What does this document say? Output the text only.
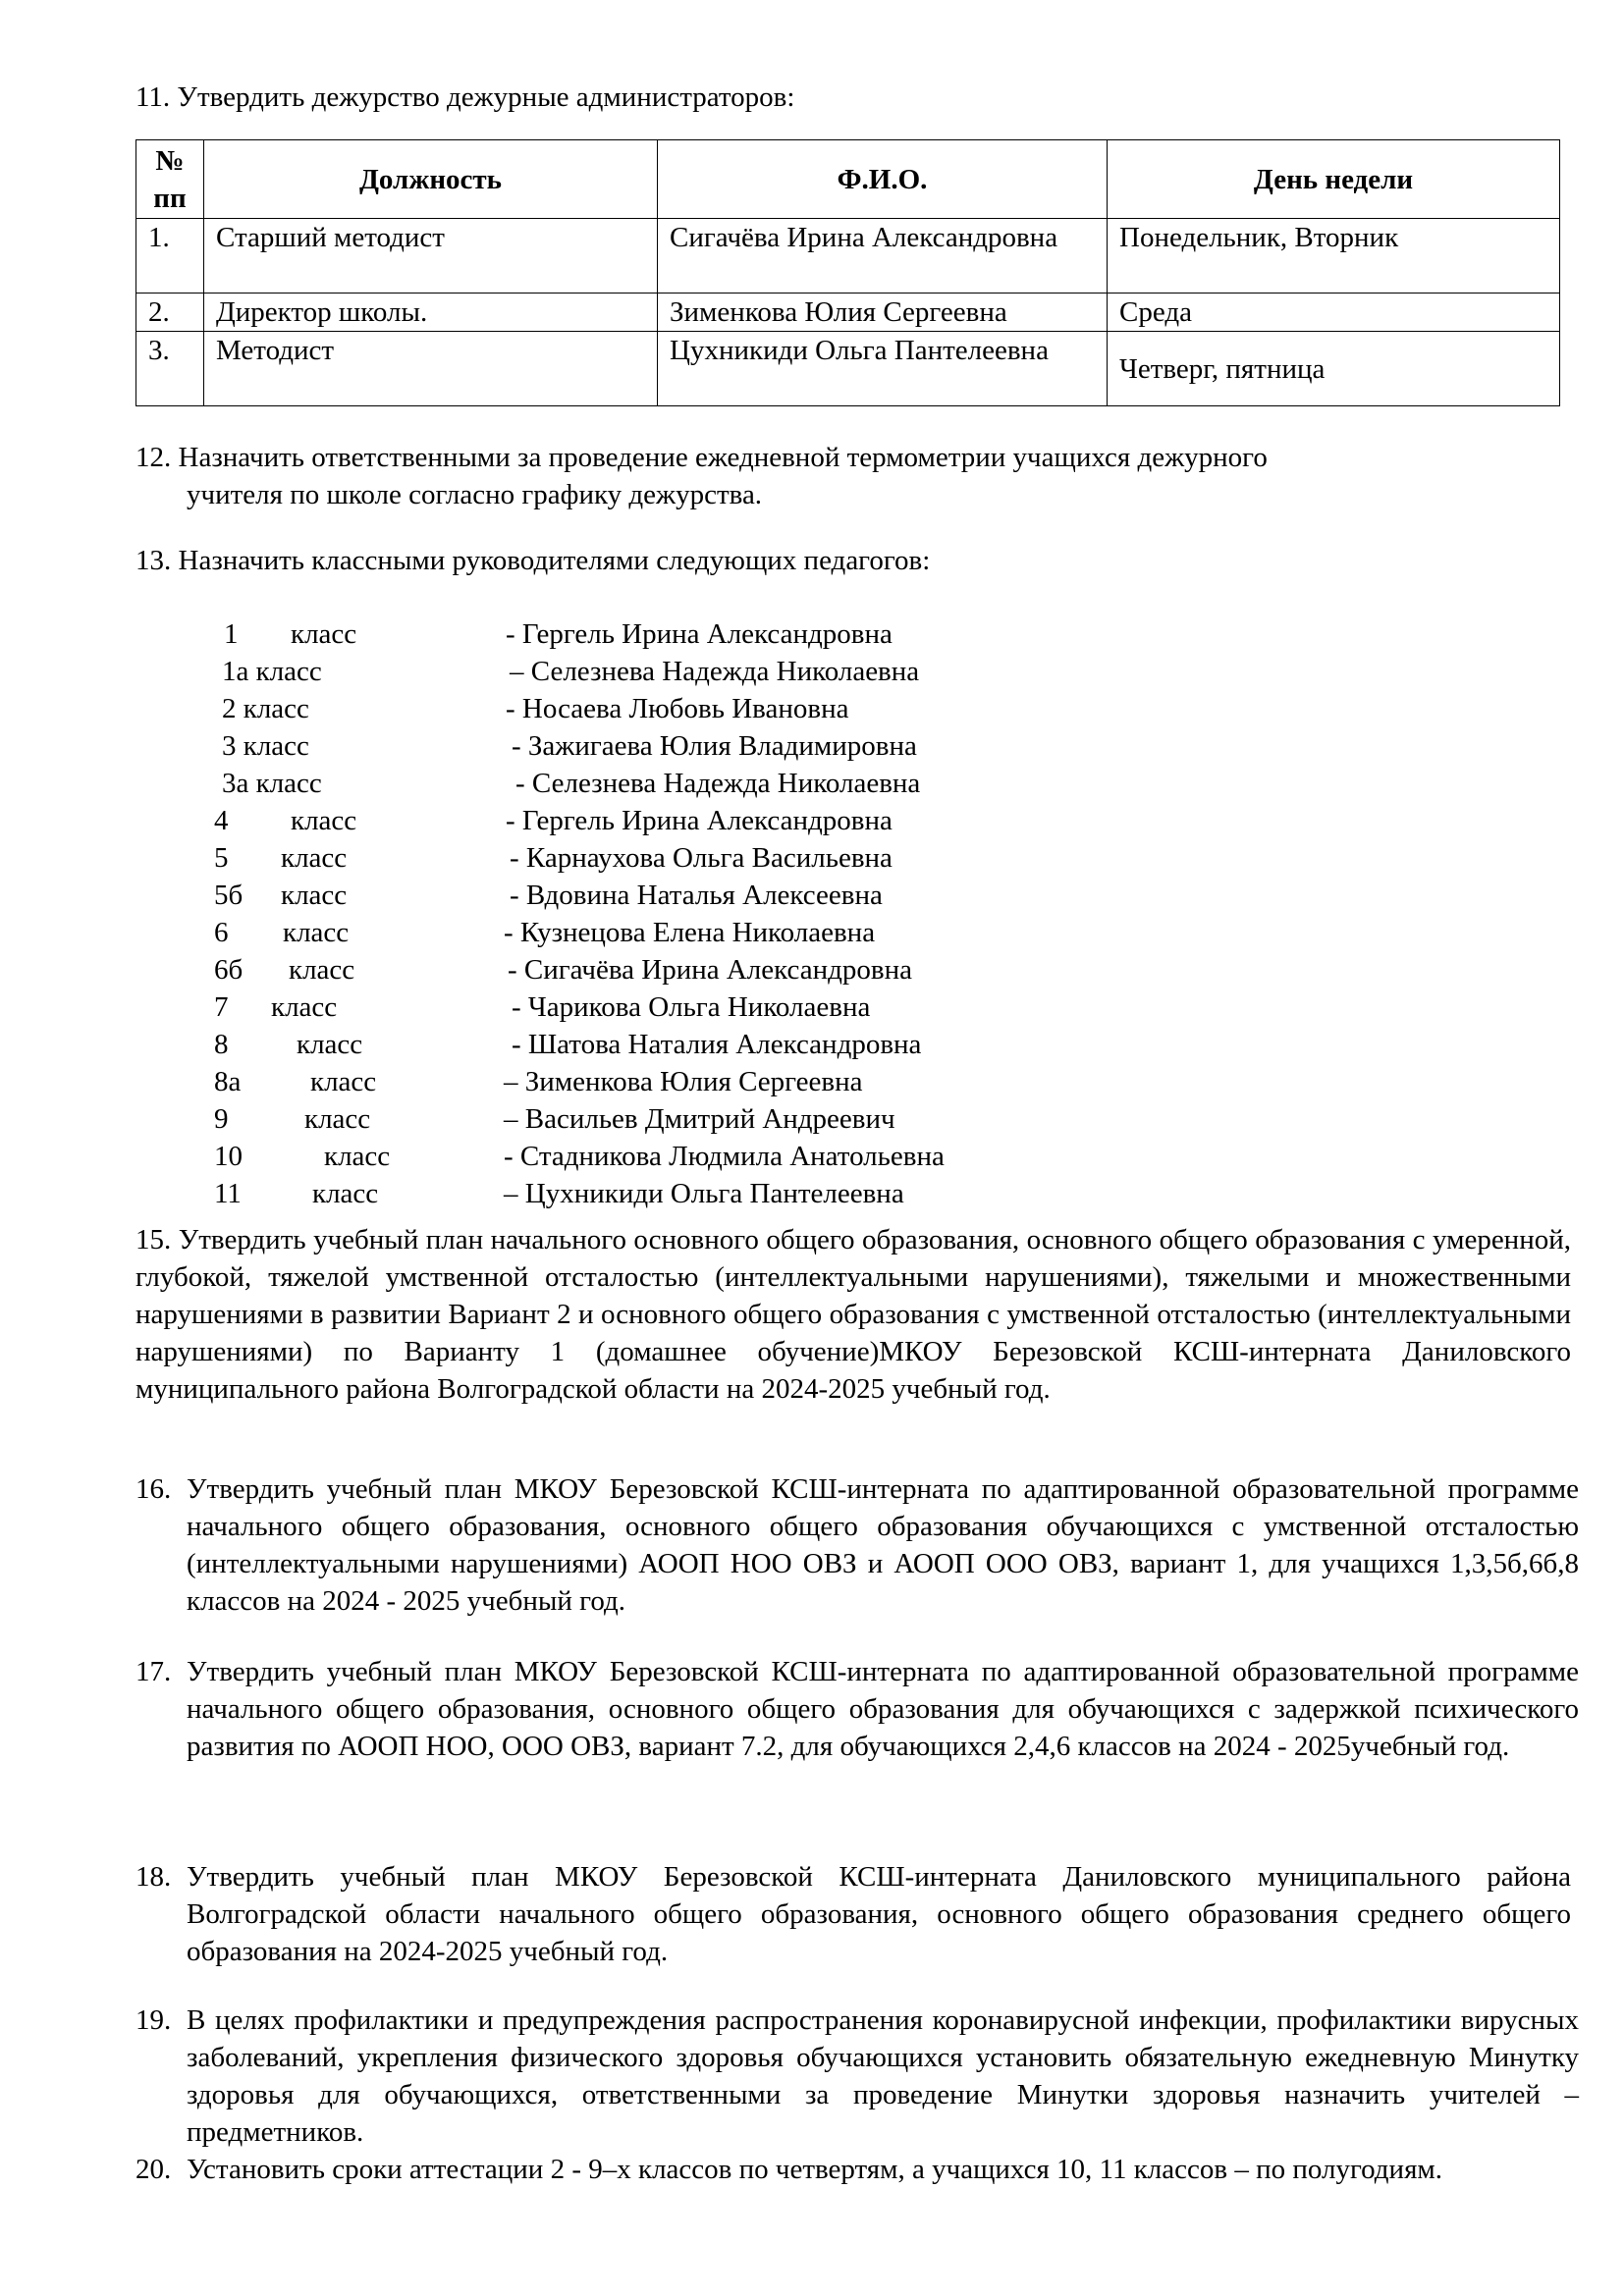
11. Утвердить дежурство дежурные администраторов:
№ пп	Должность	Ф.И.О.	День недели
1.	Старший методист	Сигачёва Ирина Александровна	Понедельник, Вторник
2.	Директор школы.	Зименкова Юлия Сергеевна	Среда
3.	Методист	Цухникиди Ольга Пантелеевна	Четверг, пятница
12. Назначить ответственными за проведение ежедневной термометрии учащихся дежурного
учителя по школе согласно графику дежурства.
13. Назначить классными руководителями следующих педагогов:
1 класс	- Гергель Ирина Александровна
1а класс	– Селезнева Надежда Николаевна
2 класс	- Носаева Любовь Ивановна
3 класс	- Зажигаева Юлия Владимировна
3а класс	- Селезнева Надежда Николаевна
4 класс	- Гергель Ирина Александровна
5 класс	- Карнаухова Ольга Васильевна
5б класс	- Вдовина Наталья Алексеевна
6 класс	- Кузнецова Елена Николаевна
6б класс	- Сигачёва Ирина Александровна
7 класс	- Чарикова Ольга Николаевна
8 класс	- Шатова Наталия Александровна
8а класс	– Зименкова Юлия Сергеевна
9	класс	– Васильев Дмитрий Андреевич
10	класс	- Стадникова Людмила Анатольевна
11 класс	– Цухникиди Ольга Пантелеевна
15. Утвердить учебный план начального основного общего образования, основного общего образования с умеренной, глубокой, тяжелой умственной отсталостью (интеллектуальными нарушениями), тяжелыми и множественными нарушениями в развитии Вариант 2 и основного общего образования с умственной отсталостью (интеллектуальными нарушениями) по Варианту 1 (домашнее обучение)МКОУ Березовской КСШ-интерната Даниловского муниципального района Волгоградской области на 2024-2025 учебный год.
16. Утвердить учебный план МКОУ Березовской КСШ-интерната по адаптированной образовательной программе начального общего образования, основного общего образования обучающихся с умственной отсталостью (интеллектуальными нарушениями) АООП НОО ОВЗ и АООП ООО ОВЗ, вариант 1, для учащихся 1,3,5б,6б,8 классов на 2024 - 2025 учебный год.
17. Утвердить учебный план МКОУ Березовской КСШ-интерната по адаптированной образовательной программе начального общего образования, основного общего образования для обучающихся с задержкой психического развития по АООП НОО, ООО ОВЗ, вариант 7.2, для обучающихся 2,4,6 классов на 2024 - 2025учебный год.
18. Утвердить учебный план МКОУ Березовской КСШ-интерната Даниловского муниципального района Волгоградской области начального общего образования, основного общего образования среднего общего образования на 2024-2025 учебный год.
19. В целях профилактики и предупреждения распространения коронавирусной инфекции, профилактики вирусных заболеваний, укрепления физического здоровья обучающихся установить обязательную ежедневную Минутку здоровья для обучающихся, ответственными за проведение Минутки здоровья назначить учителей – предметников.
20. Установить сроки аттестации 2 - 9–х классов по четвертям, а учащихся 10, 11 классов – по полугодиям.
